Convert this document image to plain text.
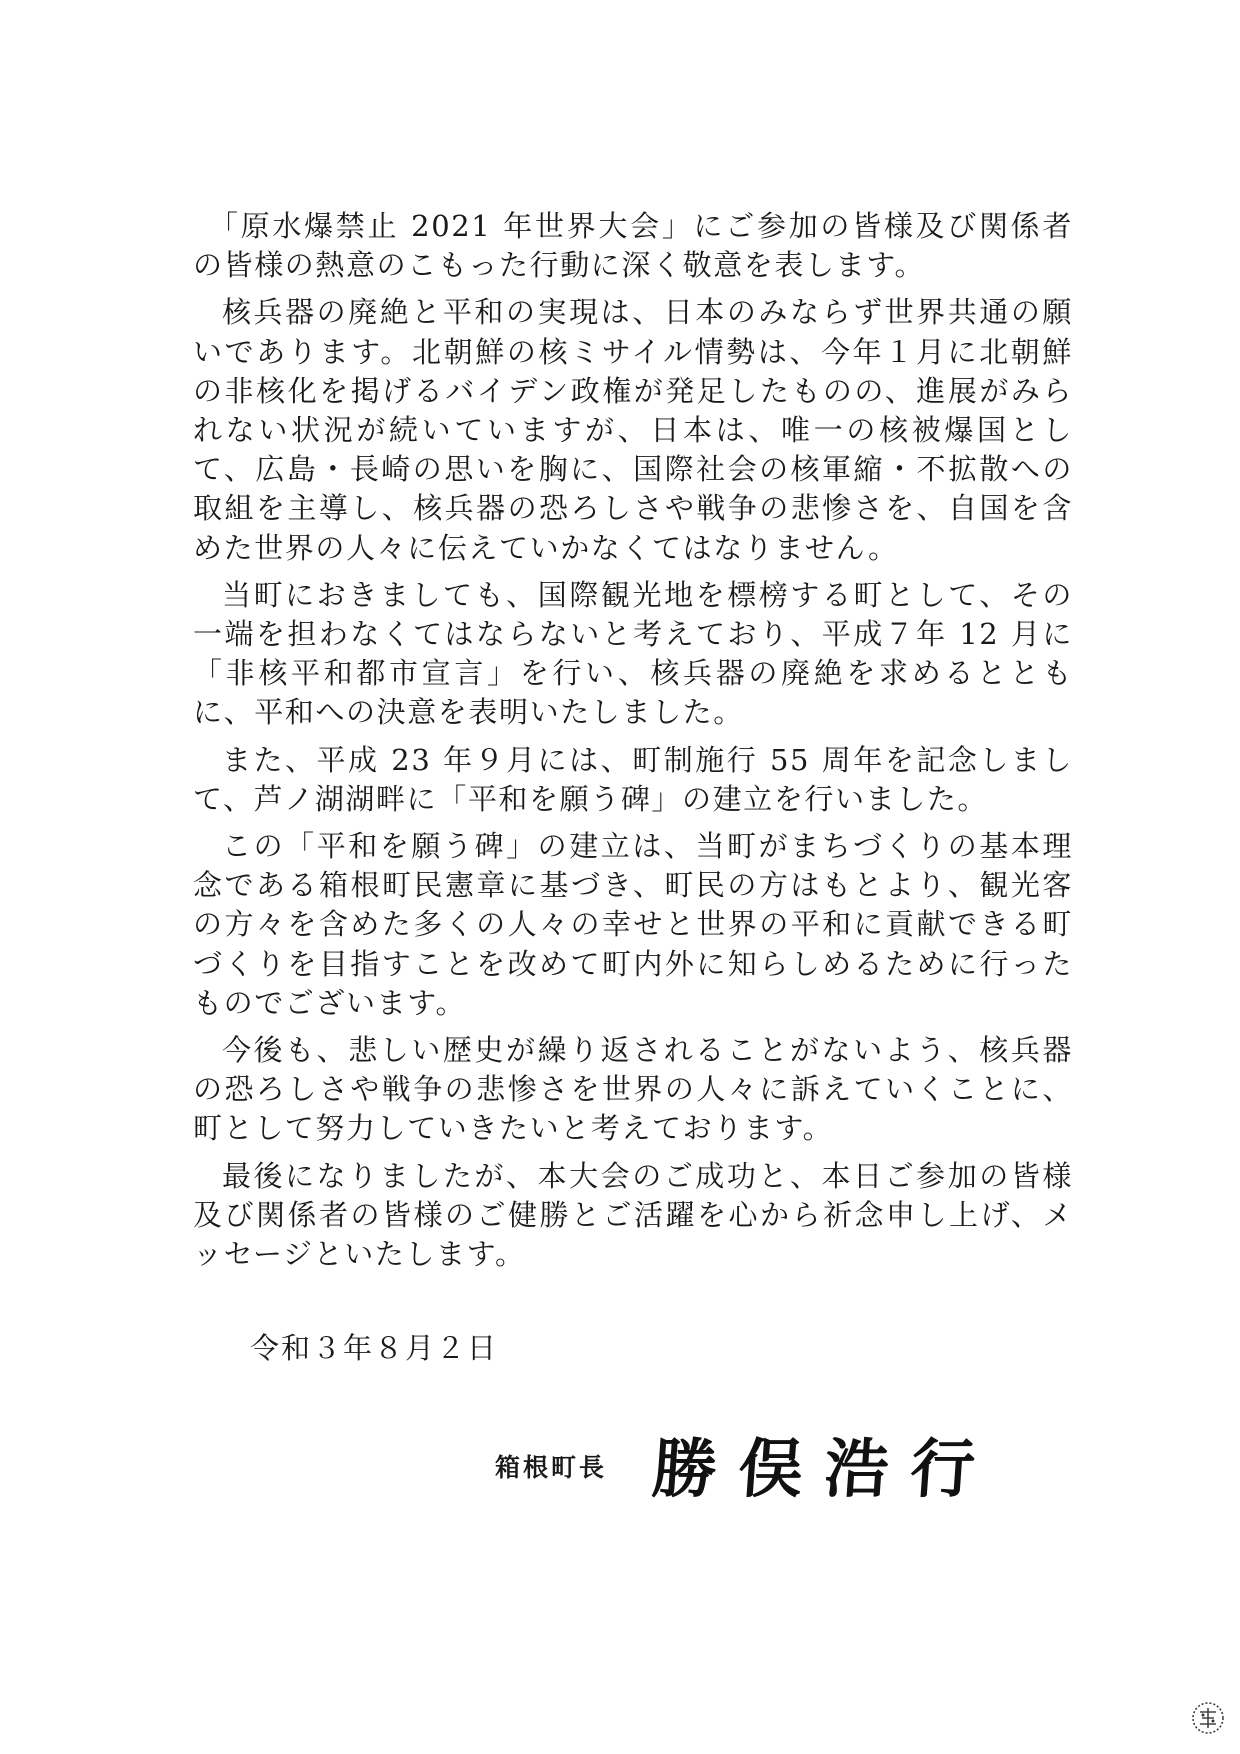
「原水爆禁止 2021 年世界大会」にご参加の皆様及び関係者の皆様の熱意のこもった行動に深く敬意を表します。

核兵器の廃絶と平和の実現は、日本のみならず世界共通の願いであります。北朝鮮の核ミサイル情勢は、今年１月に北朝鮮の非核化を掲げるバイデン政権が発足したものの、進展がみられない状況が続いていますが、日本は、唯一の核被爆国として、広島・長崎の思いを胸に、国際社会の核軍縮・不拡散への取組を主導し、核兵器の恐ろしさや戦争の悲惨さを、自国を含めた世界の人々に伝えていかなくてはなりません。

当町におきましても、国際観光地を標榜する町として、その一端を担わなくてはならないと考えており、平成７年 12 月に「非核平和都市宣言」を行い、核兵器の廃絶を求めるとともに、平和への決意を表明いたしました。

また、平成 23 年９月には、町制施行 55 周年を記念しまして、芦ノ湖湖畔に「平和を願う碑」の建立を行いました。

この「平和を願う碑」の建立は、当町がまちづくりの基本理念である箱根町民憲章に基づき、町民の方はもとより、観光客の方々を含めた多くの人々の幸せと世界の平和に貢献できる町づくりを目指すことを改めて町内外に知らしめるために行ったものでございます。

今後も、悲しい歴史が繰り返されることがないよう、核兵器の恐ろしさや戦争の悲惨さを世界の人々に訴えていくことに、町として努力していきたいと考えております。

最後になりましたが、本大会のご成功と、本日ご参加の皆様及び関係者の皆様のご健勝とご活躍を心から祈念申し上げ、メッセージといたします。

令和３年８月２日
箱根町長 勝俣浩行
